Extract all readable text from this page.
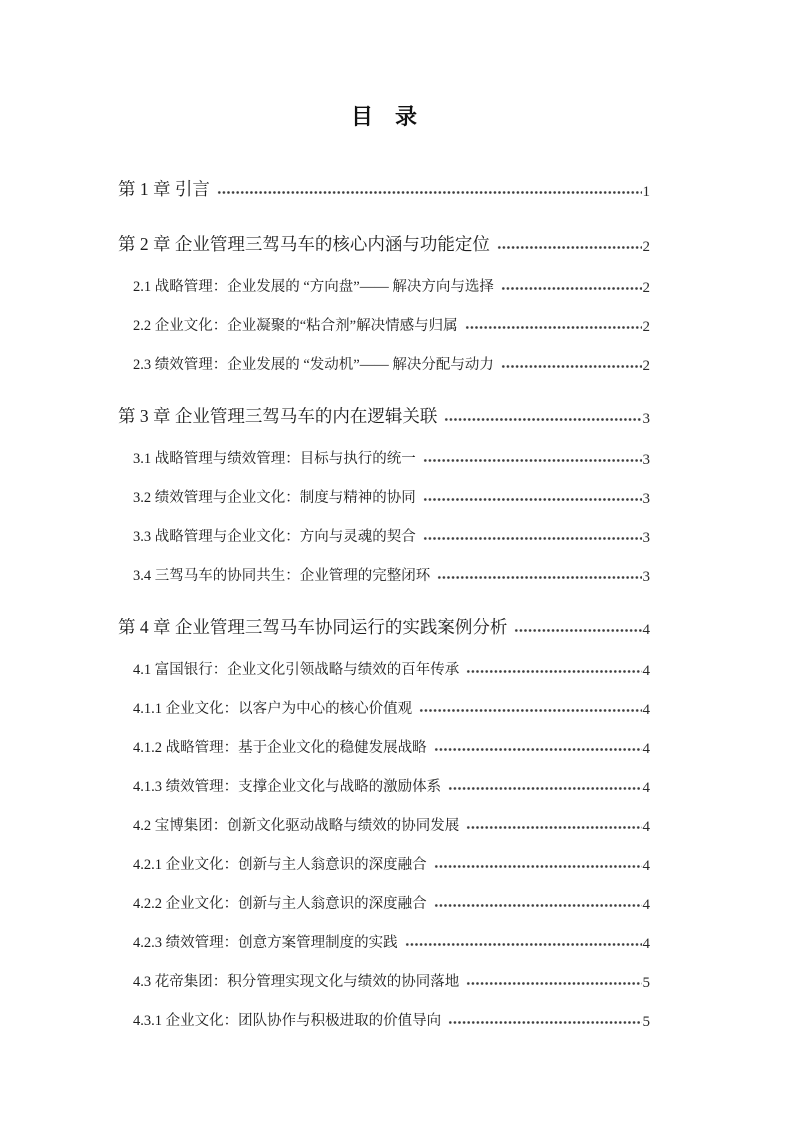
目　录
第 1 章 引言	1
第 2 章 企业管理三驾马车的核心内涵与功能定位	2
2.1 战略管理：企业发展的 “方向盘”—— 解决方向与选择	2
2.2 企业文化：企业凝聚的“粘合剂”解决情感与归属	2
2.3 绩效管理：企业发展的 “发动机”—— 解决分配与动力	2
第 3 章 企业管理三驾马车的内在逻辑关联	3
3.1 战略管理与绩效管理：目标与执行的统一	3
3.2 绩效管理与企业文化：制度与精神的协同	3
3.3 战略管理与企业文化：方向与灵魂的契合	3
3.4 三驾马车的协同共生：企业管理的完整闭环	3
第 4 章 企业管理三驾马车协同运行的实践案例分析	4
4.1 富国银行：企业文化引领战略与绩效的百年传承	4
4.1.1 企业文化：以客户为中心的核心价值观	4
4.1.2 战略管理：基于企业文化的稳健发展战略	4
4.1.3 绩效管理：支撑企业文化与战略的激励体系	4
4.2 宝博集团：创新文化驱动战略与绩效的协同发展	4
4.2.1 企业文化：创新与主人翁意识的深度融合	4
4.2.2 企业文化：创新与主人翁意识的深度融合	4
4.2.3 绩效管理：创意方案管理制度的实践	4
4.3 花帝集团：积分管理实现文化与绩效的协同落地	5
4.3.1 企业文化：团队协作与积极进取的价值导向	5
